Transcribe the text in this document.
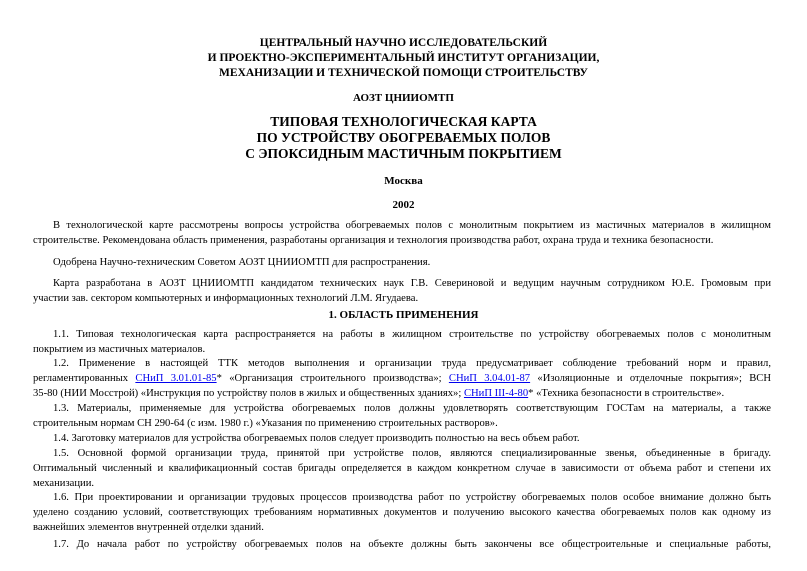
ЦЕНТРАЛЬНЫЙ НАУЧНО ИССЛЕДОВАТЕЛЬСКИЙ
И ПРОЕКТНО-ЭКСПЕРИМЕНТАЛЬНЫЙ ИНСТИТУТ ОРГАНИЗАЦИИ,
МЕХАНИЗАЦИИ И ТЕХНИЧЕСКОЙ ПОМОЩИ СТРОИТЕЛЬСТВУ
АОЗТ ЦНИИОМТП
ТИПОВАЯ ТЕХНОЛОГИЧЕСКАЯ КАРТА
ПО УСТРОЙСТВУ ОБОГРЕВАЕМЫХ ПОЛОВ
С ЭПОКСИДНЫМ МАСТИЧНЫМ ПОКРЫТИЕМ
Москва
2002
В технологической карте рассмотрены вопросы устройства обогреваемых полов с монолитным покрытием из мастичных материалов в жилищном
строительстве. Рекомендована область применения, разработаны организация и технология производства работ, охрана труда и техника безопасности.
Одобрена Научно-техническим Советом АОЗТ ЦНИИОМТП для распространения.
Карта разработана в АОЗТ ЦНИИОМТП кандидатом технических наук Г.В. Севериновой и ведущим научным сотрудником Ю.Е. Громовым при
участии зав. сектором компьютерных и информационных технологий Л.М. Ягудаева.
1. ОБЛАСТЬ ПРИМЕНЕНИЯ
1.1. Типовая технологическая карта распространяется на работы в жилищном строительстве по устройству обогреваемых полов с монолитным
покрытием из мастичных материалов.
1.2. Применение в настоящей ТТК методов выполнения и организации труда предусматривает соблюдение требований норм и правил,
регламентированных СНиП 3.01.01-85* «Организация строительного производства»; СНиП 3.04.01-87 «Изоляционные и отделочные покрытия»; ВСН
35-80 (НИИ Мосстрой) «Инструкция по устройству полов в жилых и общественных зданиях»; СНиП III-4-80* «Техника безопасности в строительстве».
1.3. Материалы, применяемые для устройства обогреваемых полов должны удовлетворять соответствующим ГОСТам на материалы, а также
строительным нормам СН 290-64 (с изм. 1980 г.) «Указания по применению строительных растворов».
1.4. Заготовку материалов для устройства обогреваемых полов следует производить полностью на весь объем работ.
1.5. Основной формой организации труда, принятой при устройстве полов, являются специализированные звенья, объединенные в бригаду.
Оптимальный численный и квалификационный состав бригады определяется в каждом конкретном случае в зависимости от объема работ и степени их
механизации.
1.6. При проектировании и организации трудовых процессов производства работ по устройству обогреваемых полов особое внимание должно быть
уделено созданию условий, соответствующих требованиям нормативных документов и получению высокого качества обогреваемых полов как одному из
важнейших элементов внутренней отделки зданий.
1.7. До начала работ по устройству обогреваемых полов на объекте должны быть закончены все общестроительные и специальные работы,
